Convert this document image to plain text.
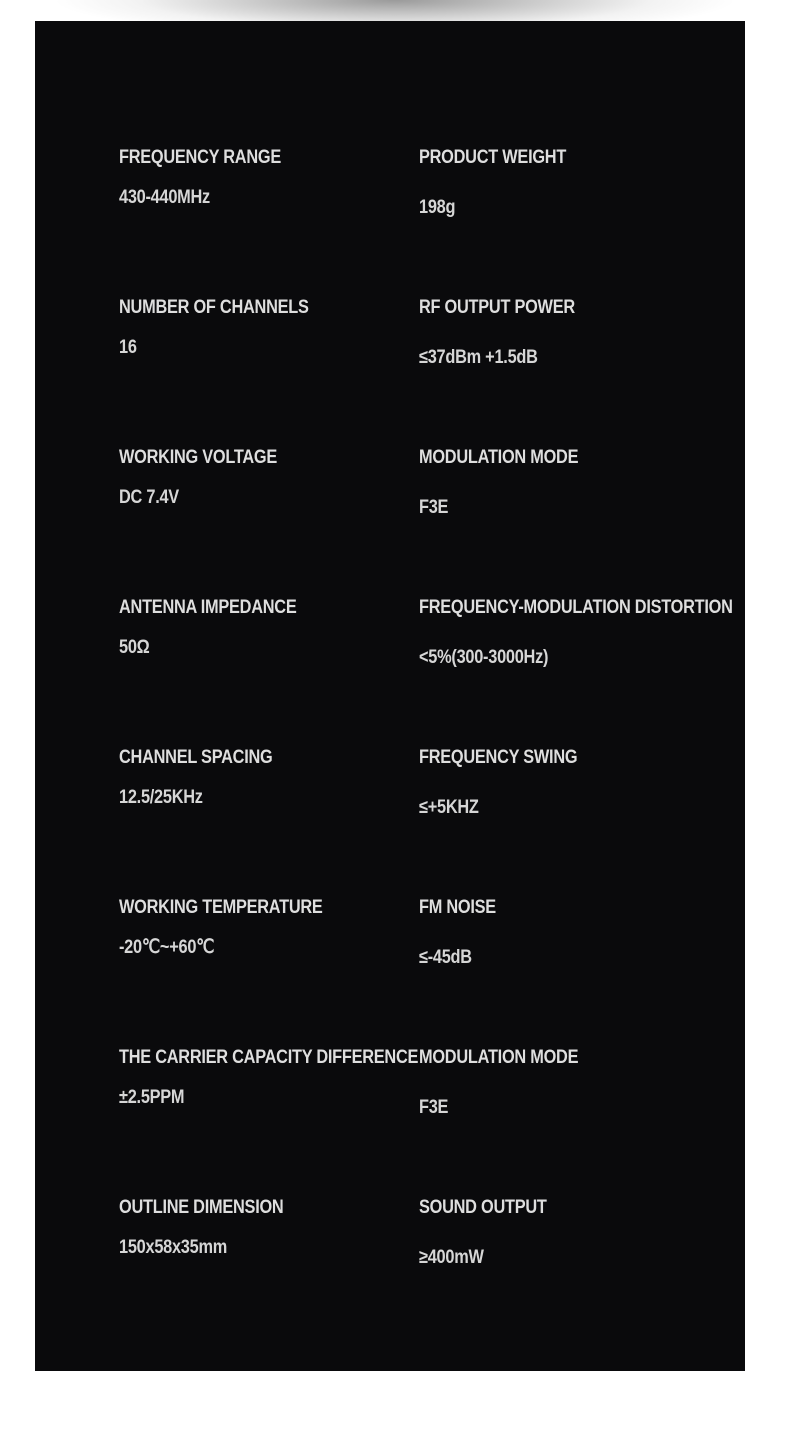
FREQUENCY RANGE
430-440MHz
PRODUCT WEIGHT
198g
NUMBER OF CHANNELS
16
RF OUTPUT POWER
≤37dBm +1.5dB
WORKING VOLTAGE
DC 7.4V
MODULATION MODE
F3E
ANTENNA IMPEDANCE
50Ω
FREQUENCY-MODULATION DISTORTION
<5%(300-3000Hz)
CHANNEL SPACING
12.5/25KHz
FREQUENCY SWING
≤+5KHZ
WORKING TEMPERATURE
-20℃~+60℃
FM NOISE
≤-45dB
THE CARRIER CAPACITY DIFFERENCE
±2.5PPM
MODULATION MODE
F3E
OUTLINE DIMENSION
150x58x35mm
SOUND OUTPUT
≥400mW
